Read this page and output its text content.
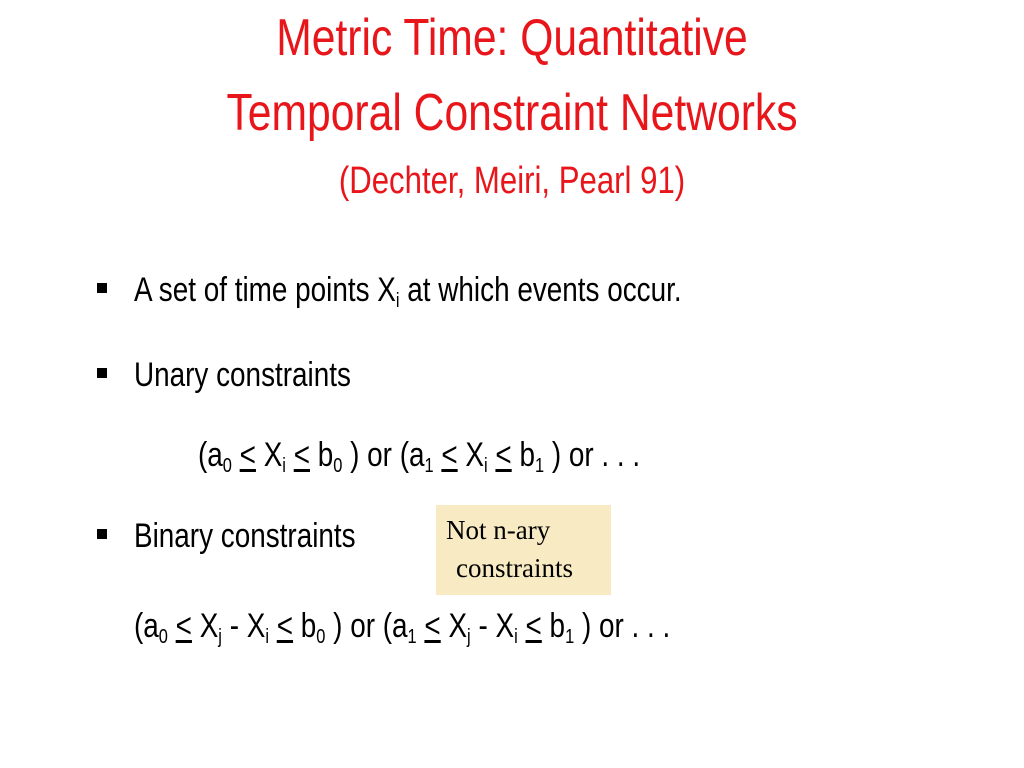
Metric Time: Quantitative
Temporal Constraint Networks
(Dechter, Meiri, Pearl 91)
A set of time points $X_i$ at which events occur.
Unary constraints
($a_0 \le X_i \le b_0$ ) or ($a_1 \le X_i \le b_1$ ) or . . .
Binary constraints	Not n-ary
constraints
($a_0 \le X_j - X_i \le b_0$ ) or ($a_1 \le X_j - X_i \le b_1$ ) or . . .
